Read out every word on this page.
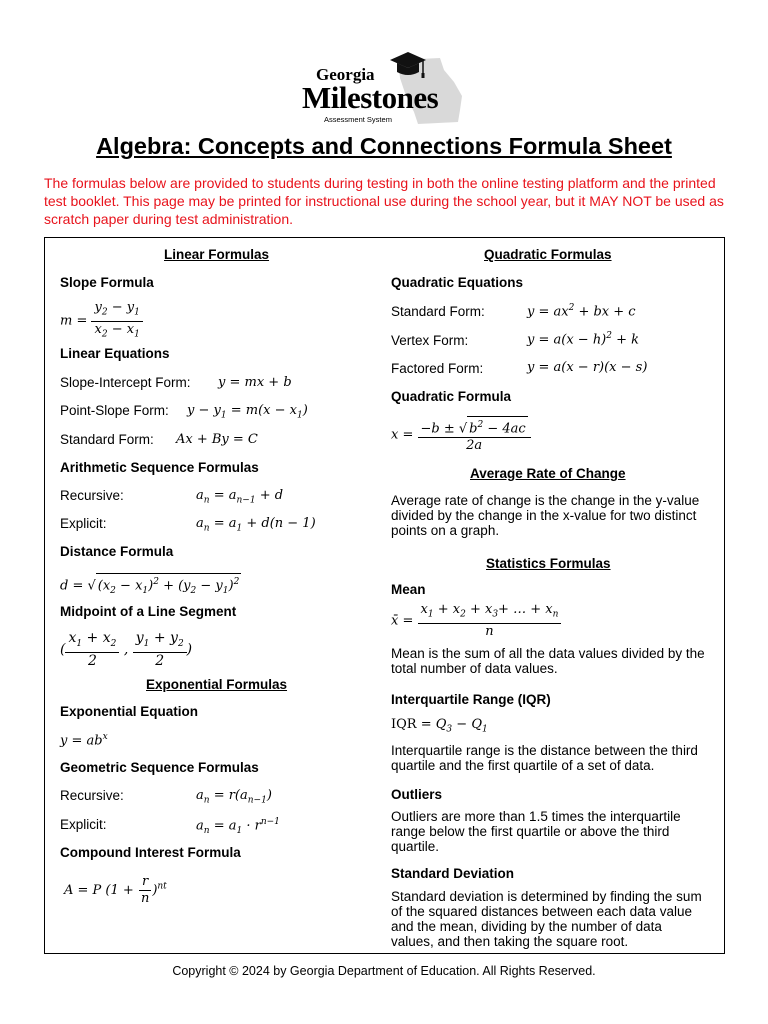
Georgia
Milestones
Assessment System
Algebra: Concepts and Connections Formula Sheet

The formulas below are provided to students during testing in both the online testing platform and the printed test booklet. This page may be printed for instructional use during the school year, but it MAY NOT be used as scratch paper during test administration.

Linear Formulas
Slope Formula
$m = \frac{y_2 - y_1}{x_2 - x_1}$
Linear Equations
Slope-Intercept Form: y = mx + b
Point-Slope Form: $y - y_1 = m(x - x_1)$
Standard Form: Ax + By = C
Arithmetic Sequence Formulas
Recursive:	$a_n = a_{n-1} + d$
Explicit:	$a_n = a_1 + d(n - 1)$
Distance Formula
d = √ $(x_2 - x_1)^2 + (y_2 - y_1)^2$
Midpoint of a Line Segment
( $\frac{x_1 + x_2}{2}$ , $\frac{y_1 + y_2}{2}$ )
Exponential Formulas
Exponential Equation
$y = ab^x$
Geometric Sequence Formulas
Recursive:	$a_n = r(a_{n-1})$
Explicit:	$a_n = a_1 \cdot r^{n-1}$
Compound Interest Formula
A = P $(1 + \frac{r}{n} )^{nt}$
Quadratic Formulas
Quadratic Equations
Standard Form:	$y = ax^2$ + bx + c
Vertex Form:	$y = a(x - h)^2 + k$
Factored Form:	y = a(x − r)(x − s)
Quadratic Formula
$x = \frac{-b \pm √ b^2 - 4ac}{2a}$
Average Rate of Change
Average rate of change is the change in the y-value divided by the change in the x-value for two distinct points on a graph.
Statistics Formulas
Mean
x̄ = $\frac{x_1 + x_2 + x_3+ \dots + x_n}{n}$
Mean is the sum of all the data values divided by the total number of data values.
Interquartile Range (IQR)
IQR = $Q_3 - Q_1$
Interquartile range is the distance between the third quartile and the first quartile of a set of data.
Outliers
Outliers are more than 1.5 times the interquartile range below the first quartile or above the third quartile.
Standard Deviation
Standard deviation is determined by finding the sum of the squared distances between each data value and the mean, dividing by the number of data values, and then taking the square root.
Copyright © 2024 by Georgia Department of Education. All Rights Reserved.
